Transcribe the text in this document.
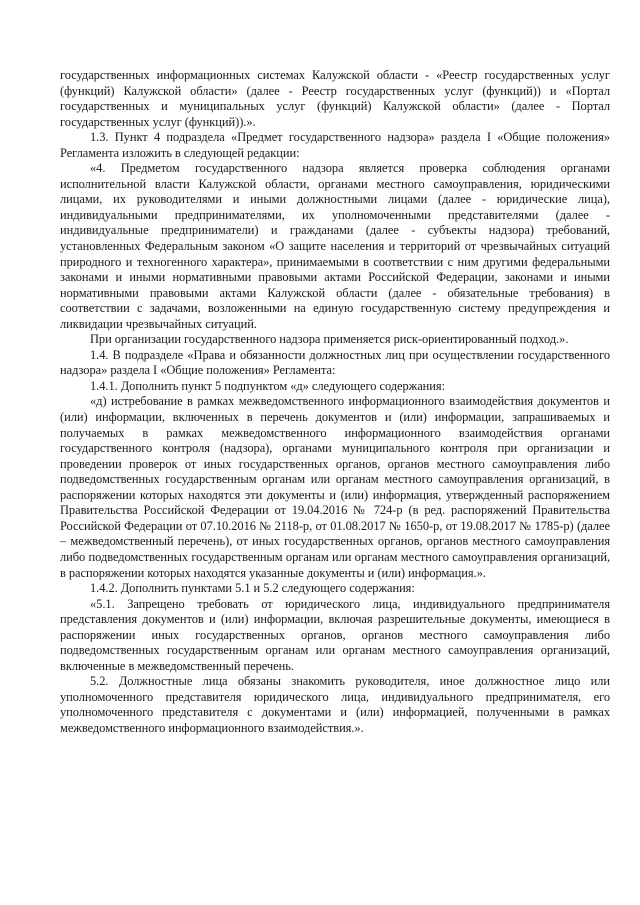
государственных информационных системах Калужской области - «Реестр государственных услуг (функций) Калужской области» (далее - Реестр государственных услуг (функций)) и «Портал государственных и муниципальных услуг (функций) Калужской области» (далее - Портал государственных услуг (функций)).».

1.3. Пункт 4 подраздела «Предмет государственного надзора» раздела I «Общие положения» Регламента изложить в следующей редакции:

«4. Предметом государственного надзора является проверка соблюдения органами исполнительной власти Калужской области, органами местного самоуправления, юридическими лицами, их руководителями и иными должностными лицами (далее - юридические лица), индивидуальными предпринимателями, их уполномоченными представителями (далее - индивидуальные предприниматели) и гражданами (далее - субъекты надзора) требований, установленных Федеральным законом «О защите населения и территорий от чрезвычайных ситуаций природного и техногенного характера», принимаемыми в соответствии с ним другими федеральными законами и иными нормативными правовыми актами Российской Федерации, законами и иными нормативными правовыми актами Калужской области (далее - обязательные требования) в соответствии с задачами, возложенными на единую государственную систему предупреждения и ликвидации чрезвычайных ситуаций.

При организации государственного надзора применяется риск-ориентированный подход.».

1.4. В подразделе «Права и обязанности должностных лиц при осуществлении государственного надзора» раздела I «Общие положения» Регламента:

1.4.1. Дополнить пункт 5 подпунктом «д» следующего содержания:

«д) истребование в рамках межведомственного информационного взаимодействия документов и (или) информации, включенных в перечень документов и (или) информации, запрашиваемых и получаемых в рамках межведомственного информационного взаимодействия органами государственного контроля (надзора), органами муниципального контроля при организации и проведении проверок от иных государственных органов, органов местного самоуправления либо подведомственных государственным органам или органам местного самоуправления организаций, в распоряжении которых находятся эти документы и (или) информация, утвержденный распоряжением Правительства Российской Федерации от 19.04.2016 № 724-р (в ред. распоряжений Правительства Российской Федерации от 07.10.2016 № 2118-р, от 01.08.2017 № 1650-р, от 19.08.2017 № 1785-р) (далее – межведомственный перечень), от иных государственных органов, органов местного самоуправления либо подведомственных государственным органам или органам местного самоуправления организаций, в распоряжении которых находятся указанные документы и (или) информация.».

1.4.2. Дополнить пунктами 5.1 и 5.2 следующего содержания:

«5.1. Запрещено требовать от юридического лица, индивидуального предпринимателя представления документов и (или) информации, включая разрешительные документы, имеющиеся в распоряжении иных государственных органов, органов местного самоуправления либо подведомственных государственным органам или органам местного самоуправления организаций, включенные в межведомственный перечень.

5.2. Должностные лица обязаны знакомить руководителя, иное должностное лицо или уполномоченного представителя юридического лица, индивидуального предпринимателя, его уполномоченного представителя с документами и (или) информацией, полученными в рамках межведомственного информационного взаимодействия.».
